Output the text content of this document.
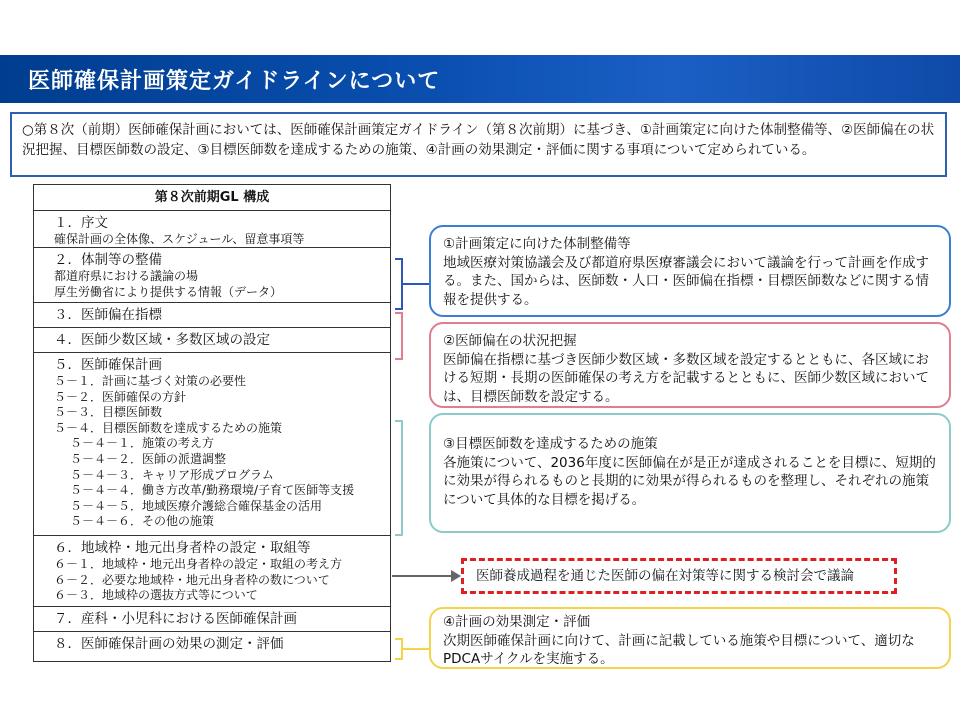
医師確保計画策定ガイドラインについて
○第８次（前期）医師確保計画においては、医師確保計画策定ガイドライン（第８次前期）に基づき、①計画策定に向けた体制整備等、②医師偏在の状況把握、目標医師数の設定、③目標医師数を達成するための施策、④計画の効果測定・評価に関する事項について定められている。
第８次前期GL 構成
１．序文
確保計画の全体像、スケジュール、留意事項等
２．体制等の整備
都道府県における議論の場
厚生労働省により提供する情報（データ）
３．医師偏在指標
４．医師少数区域・多数区域の設定
５．医師確保計画
５－１．計画に基づく対策の必要性
５－２．医師確保の方針
５－３．目標医師数
５－４．目標医師数を達成するための施策
５－４－１．施策の考え方
５－４－２．医師の派遣調整
５－４－３．キャリア形成プログラム
５－４－４．働き方改革/勤務環境/子育て医師等支援
５－４－５．地域医療介護総合確保基金の活用
５－４－６．その他の施策
６．地域枠・地元出身者枠の設定・取組等
６－１．地域枠・地元出身者枠の設定・取組の考え方
６－２．必要な地域枠・地元出身者枠の数について
６－３．地域枠の選抜方式等について
７．産科・小児科における医師確保計画
８．医師確保計画の効果の測定・評価
①計画策定に向けた体制整備等
地域医療対策協議会及び都道府県医療審議会において議論を行って計画を作成する。また、国からは、医師数・人口・医師偏在指標・目標医師数などに関する情報を提供する。
②医師偏在の状況把握
医師偏在指標に基づき医師少数区域・多数区域を設定するとともに、各区域における短期・長期の医師確保の考え方を記載するとともに、医師少数区域においては、目標医師数を設定する。
③目標医師数を達成するための施策
各施策について、2036年度に医師偏在が是正が達成されることを目標に、短期的に効果が得られるものと長期的に効果が得られるものを整理し、それぞれの施策について具体的な目標を掲げる。
④計画の効果測定・評価
次期医師確保計画に向けて、計画に記載している施策や目標について、適切なPDCAサイクルを実施する。
医師養成過程を通じた医師の偏在対策等に関する検討会で議論
